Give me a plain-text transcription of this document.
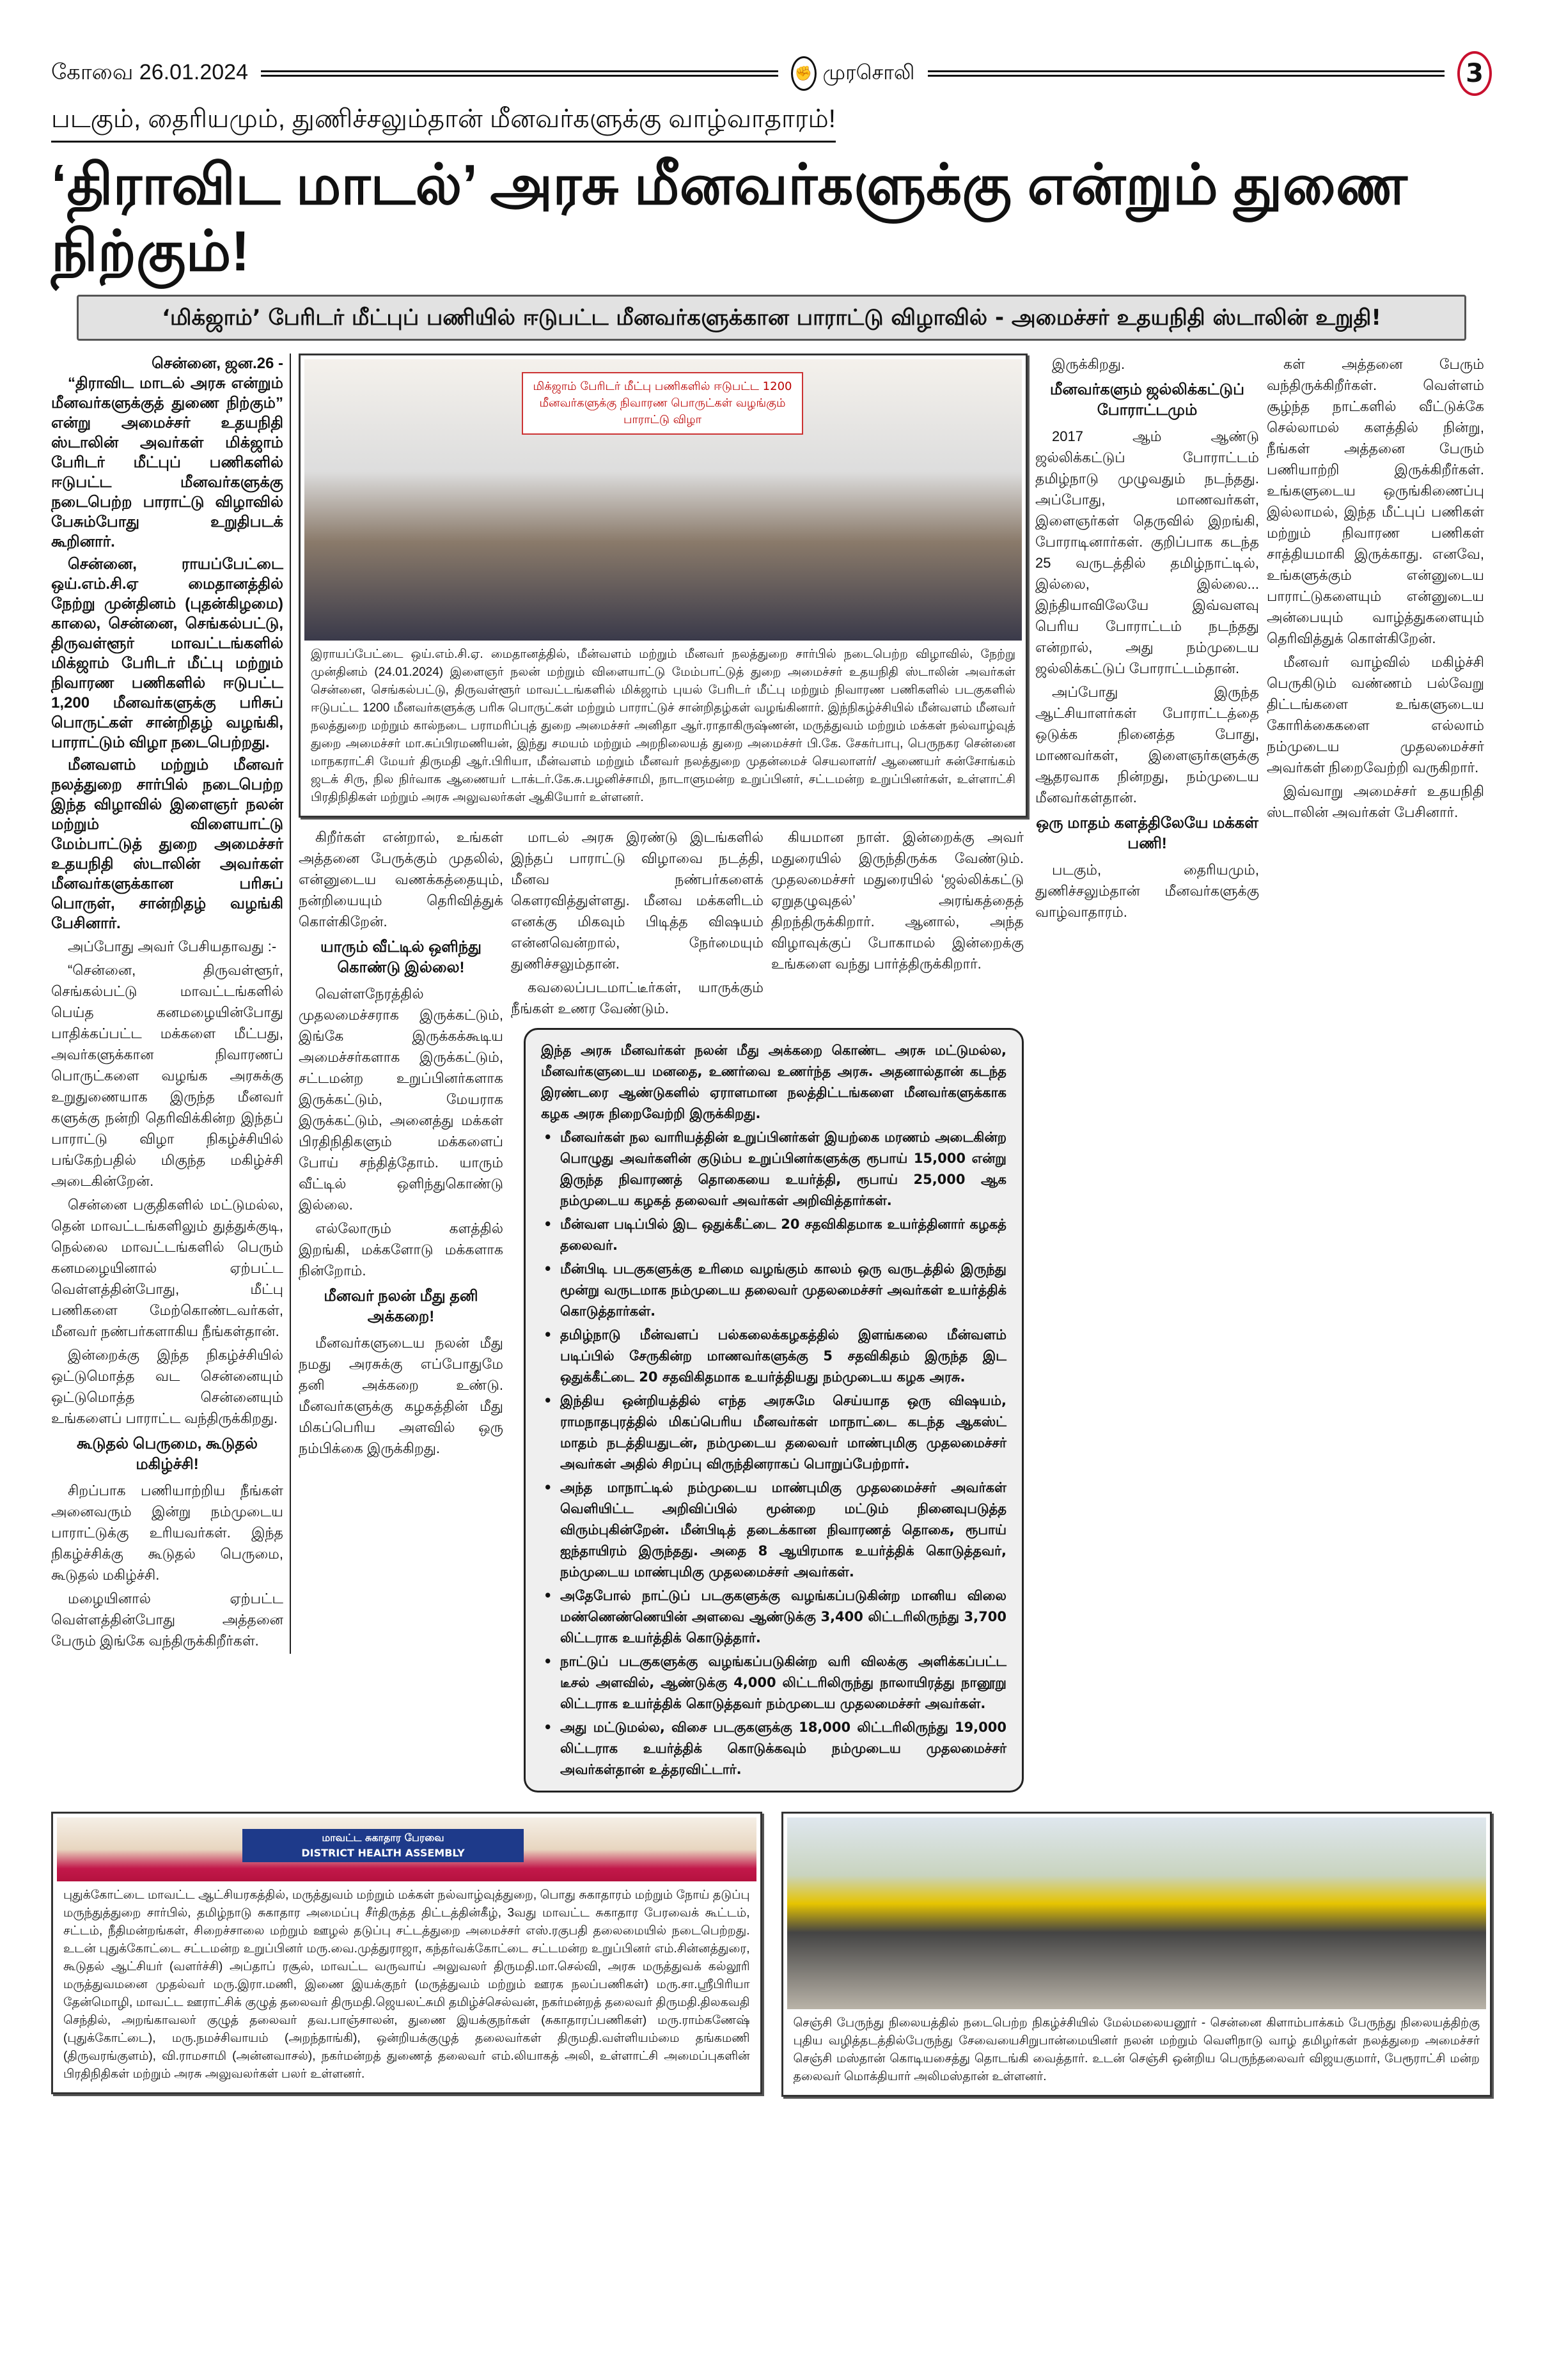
கோவை 26.01.2024	✊ முரசொலி	3
படகும், தைரியமும், துணிச்சலும்தான் மீனவர்களுக்கு வாழ்வாதாரம்!
‘திராவிட மாடல்’ அரசு மீனவர்களுக்கு என்றும் துணை நிற்கும்!
‘மிக்ஜாம்’ பேரிடர் மீட்புப் பணியில் ஈடுபட்ட மீனவர்களுக்கான பாராட்டு விழாவில் - அமைச்சர் உதயநிதி ஸ்டாலின் உறுதி!
சென்னை, ஜன.26 -

“திராவிட மாடல் அரசு என்றும் மீனவர்களுக்குத் துணை நிற்கும்” என்று அமைச்சர் உதயநிதி ஸ்டாலின் அவர்கள் மிக்ஜாம் பேரிடர் மீட்புப் பணிகளில் ஈடுபட்ட மீனவர்களுக்கு நடைபெற்ற பாராட்டு விழாவில் பேசும்போது உறுதிபடக் கூறினார்.

சென்னை, ராயப்பேட்டை ஒய்.எம்.சி.ஏ மைதானத்தில் நேற்று முன்தினம் (புதன்கிழமை) காலை, சென்னை, செங்கல்பட்டு, திருவள்ளூர் மாவட்டங்களில் மிக்ஜாம் பேரிடர் மீட்பு மற்றும் நிவாரண பணிகளில் ஈடுபட்ட 1,200 மீனவர்களுக்கு பரிசுப் பொருட்கள் சான்றிதழ் வழங்கி, பாராட்டும் விழா நடைபெற்றது.

மீனவளம் மற்றும் மீனவர் நலத்துறை சார்பில் நடைபெற்ற இந்த விழாவில் இளைஞர் நலன் மற்றும் விளையாட்டு மேம்பாட்டுத் துறை அமைச்சர் உதயநிதி ஸ்டாலின் அவர்கள் மீனவர்களுக்கான பரிசுப் பொருள், சான்றிதழ் வழங்கி பேசினார்.

அப்போது அவர் பேசியதாவது :-

“சென்னை, திருவள்ளூர், செங்கல்பட்டு மாவட்டங்களில் பெய்த கனமழையின்போது பாதிக்கப்பட்ட மக்களை மீட்பது, அவர்களுக்கான நிவாரணப் பொருட்களை வழங்க அரசுக்கு உறுதுணையாக இருந்த மீனவர் களுக்கு நன்றி தெரிவிக்கின்ற இந்தப் பாராட்டு விழா நிகழ்ச்சியில் பங்கேற்பதில் மிகுந்த மகிழ்ச்சி அடைகின்றேன்.

சென்னை பகுதிகளில் மட்டுமல்ல, தென் மாவட்டங்களிலும் துத்துக்குடி, நெல்லை மாவட்டங்களில் பெரும் கனமழையினால் ஏற்பட்ட வெள்ளத்தின்போது, மீட்பு பணிகளை மேற்கொண்டவர்கள், மீனவர் நண்பர்களாகிய நீங்கள்தான்.

இன்றைக்கு இந்த நிகழ்ச்சியில் ஒட்டுமொத்த வட சென்னையும் ஒட்டுமொத்த சென்னையும் உங்களைப் பாராட்ட வந்திருக்கிறது.

கூடுதல் பெருமை, கூடுதல் மகிழ்ச்சி!

சிறப்பாக பணியாற்றிய நீங்கள் அனைவரும் இன்று நம்முடைய பாராட்டுக்கு உரியவர்கள். இந்த நிகழ்ச்சிக்கு கூடுதல் பெருமை, கூடுதல் மகிழ்ச்சி.

மழையினால் ஏற்பட்ட வெள்ளத்தின்போது அத்தனை பேரும் இங்கே வந்திருக்கிறீர்கள்.

மிக்ஜாம் பேரிடர் மீட்பு பணிகளில் ஈடுபட்ட 1200 மீனவர்களுக்கு நிவாரண பொருட்கள் வழங்கும் பாராட்டு விழா
இராயப்பேட்டை ஒய்.எம்.சி.ஏ. மைதானத்தில், மீன்வளம் மற்றும் மீனவர் நலத்துறை சார்பில் நடைபெற்ற விழாவில், நேற்று முன்தினம் (24.01.2024) இளைஞர் நலன் மற்றும் விளையாட்டு மேம்பாட்டுத் துறை அமைச்சர் உதயநிதி ஸ்டாலின் அவர்கள் சென்னை, செங்கல்பட்டு, திருவள்ளூர் மாவட்டங்களில் மிக்ஜாம் புயல் பேரிடர் மீட்பு மற்றும் நிவாரண பணிகளில் படகுகளில் ஈடுபட்ட 1200 மீனவர்களுக்கு பரிசு பொருட்கள் மற்றும் பாராட்டுச் சான்றிதழ்கள் வழங்கினார். இந்நிகழ்ச்சியில் மீன்வளம் மீனவர் நலத்துறை மற்றும் கால்நடை பராமரிப்புத் துறை அமைச்சர் அனிதா ஆர்.ராதாகிருஷ்ணன், மருத்துவம் மற்றும் மக்கள் நல்வாழ்வுத் துறை அமைச்சர் மா.சுப்பிரமணியன், இந்து சமயம் மற்றும் அறநிலையத் துறை அமைச்சர் பி.கே. சேகர்பாபு, பெருநகர சென்னை மாநகராட்சி மேயர் திருமதி ஆர்.பிரியா, மீன்வளம் மற்றும் மீனவர் நலத்துறை முதன்மைச் செயலாளர்/ ஆணையர் சுன்சோங்கம் ஜடக் சிரு, நில நிர்வாக ஆணையர் டாக்டர்.கே.சு.பழனிச்சாமி, நாடாளுமன்ற உறுப்பினர், சட்டமன்ற உறுப்பினர்கள், உள்ளாட்சி பிரதிநிதிகள் மற்றும் அரசு அலுவலர்கள் ஆகியோர் உள்ளனர்.

கிறீர்கள் என்றால், உங்கள் அத்தனை பேருக்கும் முதலில், என்னுடைய வணக்கத்தையும், நன்றியையும் தெரிவித்துக் கொள்கிறேன்.

யாரும் வீட்டில் ஒளிந்து கொண்டு இல்லை!

வெள்ளநேரத்தில் முதலமைச்சராக இருக்கட்டும், இங்கே இருக்கக்கூடிய அமைச்சர்களாக இருக்கட்டும், சட்டமன்ற உறுப்பினர்களாக இருக்கட்டும், மேயராக இருக்கட்டும், அனைத்து மக்கள் பிரதிநிதிகளும் மக்களைப் போய் சந்தித்தோம். யாரும் வீட்டில் ஒளிந்துகொண்டு இல்லை.

எல்லோரும் களத்தில் இறங்கி, மக்களோடு மக்களாக நின்றோம்.

மீனவர் நலன் மீது தனி அக்கறை!

மீனவர்களுடைய நலன் மீது நமது அரசுக்கு எப்போதுமே தனி அக்கறை உண்டு. மீனவர்களுக்கு கழகத்தின் மீது மிகப்பெரிய அளவில் ஒரு நம்பிக்கை இருக்கிறது.

மாடல் அரசு இரண்டு இடங்களில் இந்தப் பாராட்டு விழாவை நடத்தி, மீனவ நண்பர்களைக் கௌரவித்துள்ளது. மீனவ மக்களிடம் எனக்கு மிகவும் பிடித்த விஷயம் என்னவென்றால், நேர்மையும் துணிச்சலும்தான்.

கவலைப்படமாட்டீர்கள், யாருக்கும் நீங்கள் உணர வேண்டும்.

கியமான நாள். இன்றைக்கு அவர் மதுரையில் இருந்திருக்க வேண்டும். முதலமைச்சர் மதுரையில் ‘ஜல்லிக்கட்டு ஏறுதழுவுதல்’ அரங்கத்தைத் திறந்திருக்கிறார். ஆனால், அந்த விழாவுக்குப் போகாமல் இன்றைக்கு உங்களை வந்து பார்த்திருக்கிறார்.

இந்த அரசு மீனவர்கள் நலன் மீது அக்கறை கொண்ட அரசு மட்டுமல்ல, மீனவர்களுடைய மனதை, உணர்வை உணர்ந்த அரசு. அதனால்தான் கடந்த இரண்டரை ஆண்டுகளில் ஏராளமான நலத்திட்டங்களை மீனவர்களுக்காக கழக அரசு நிறைவேற்றி இருக்கிறது.

• மீனவர்கள் நல வாரியத்தின் உறுப்பினர்கள் இயற்கை மரணம் அடைகின்ற பொழுது அவர்களின் குடும்ப உறுப்பினர்களுக்கு ரூபாய் 15,000 என்று இருந்த நிவாரணத் தொகையை உயர்த்தி, ரூபாய் 25,000 ஆக நம்முடைய கழகத் தலைவர் அவர்கள் அறிவித்தார்கள்.
• மீன்வள படிப்பில் இட ஒதுக்கீட்டை 20 சதவிகிதமாக உயர்த்தினார் கழகத் தலைவர்.
• மீன்பிடி படகுகளுக்கு உரிமை வழங்கும் காலம் ஒரு வருடத்தில் இருந்து மூன்று வருடமாக நம்முடைய தலைவர் முதலமைச்சர் அவர்கள் உயர்த்திக் கொடுத்தார்கள்.
• தமிழ்நாடு மீன்வளப் பல்கலைக்கழகத்தில் இளங்கலை மீன்வளம் படிப்பில் சேருகின்ற மாணவர்களுக்கு 5 சதவிகிதம் இருந்த இட ஒதுக்கீட்டை 20 சதவிகிதமாக உயர்த்தியது நம்முடைய கழக அரசு.
• இந்திய ஒன்றியத்தில் எந்த அரசுமே செய்யாத ஒரு விஷயம், ராமநாதபுரத்தில் மிகப்பெரிய மீனவர்கள் மாநாட்டை கடந்த ஆகஸ்ட் மாதம் நடத்தியதுடன், நம்முடைய தலைவர் மாண்புமிகு முதலமைச்சர் அவர்கள் அதில் சிறப்பு விருந்தினராகப் பொறுப்பேற்றார்.
• அந்த மாநாட்டில் நம்முடைய மாண்புமிகு முதலமைச்சர் அவர்கள் வெளியிட்ட அறிவிப்பில் மூன்றை மட்டும் நினைவுபடுத்த விரும்புகின்றேன். மீன்பிடித் தடைக்கான நிவாரணத் தொகை, ரூபாய் ஐந்தாயிரம் இருந்தது. அதை 8 ஆயிரமாக உயர்த்திக் கொடுத்தவர், நம்முடைய மாண்புமிகு முதலமைச்சர் அவர்கள்.
• அதேபோல் நாட்டுப் படகுகளுக்கு வழங்கப்படுகின்ற மானிய விலை மண்ணெண்ணெயின் அளவை ஆண்டுக்கு 3,400 லிட்டரிலிருந்து 3,700 லிட்டராக உயர்த்திக் கொடுத்தார்.
• நாட்டுப் படகுகளுக்கு வழங்கப்படுகின்ற வரி விலக்கு அளிக்கப்பட்ட டீசல் அளவில், ஆண்டுக்கு 4,000 லிட்டரிலிருந்து நாலாயிரத்து நானூறு லிட்டராக உயர்த்திக் கொடுத்தவர் நம்முடைய முதலமைச்சர் அவர்கள்.
• அது மட்டுமல்ல, விசை படகுகளுக்கு 18,000 லிட்டரிலிருந்து 19,000 லிட்டராக உயர்த்திக் கொடுக்கவும் நம்முடைய முதலமைச்சர் அவர்கள்தான் உத்தரவிட்டார்.

இருக்கிறது.

மீனவர்களும் ஜல்லிக்கட்டுப் போராட்டமும்

2017 ஆம் ஆண்டு ஜல்லிக்கட்டுப் போராட்டம் தமிழ்நாடு முழுவதும் நடந்தது. அப்போது, மாணவர்கள், இளைஞர்கள் தெருவில் இறங்கி, போராடினார்கள். குறிப்பாக கடந்த 25 வருடத்தில் தமிழ்நாட்டில், இல்லை, இல்லை... இந்தியாவிலேயே இவ்வளவு பெரிய போராட்டம் நடந்தது என்றால், அது நம்முடைய ஜல்லிக்கட்டுப் போராட்டம்தான்.

அப்போது இருந்த ஆட்சியாளர்கள் போராட்டத்தை ஒடுக்க நினைத்த போது, மாணவர்கள், இளைஞர்களுக்கு ஆதரவாக நின்றது, நம்முடைய மீனவர்கள்தான்.

ஒரு மாதம் களத்திலேயே மக்கள் பணி!

படகும், தைரியமும், துணிச்சலும்தான் மீனவர்களுக்கு வாழ்வாதாரம்.

கள் அத்தனை பேரும் வந்திருக்கிறீர்கள். வெள்ளம் சூழ்ந்த நாட்களில் வீட்டுக்கே செல்லாமல் களத்தில் நின்று, நீங்கள் அத்தனை பேரும் பணியாற்றி இருக்கிறீர்கள். உங்களுடைய ஒருங்கிணைப்பு இல்லாமல், இந்த மீட்புப் பணிகள் மற்றும் நிவாரண பணிகள் சாத்தியமாகி இருக்காது. எனவே, உங்களுக்கும் என்னுடைய பாராட்டுகளையும் என்னுடைய அன்பையும் வாழ்த்துகளையும் தெரிவித்துக் கொள்கிறேன்.

மீனவர் வாழ்வில் மகிழ்ச்சி பெருகிடும் வண்ணம் பல்வேறு திட்டங்களை உங்களுடைய கோரிக்கைகளை எல்லாம் நம்முடைய முதலமைச்சர் அவர்கள் நிறைவேற்றி வருகிறார்.

இவ்வாறு அமைச்சர் உதயநிதி ஸ்டாலின் அவர்கள் பேசினார்.

மாவட்ட சுகாதார பேரவை
DISTRICT HEALTH ASSEMBLY
புதுக்கோட்டை மாவட்ட ஆட்சியரகத்தில், மருத்துவம் மற்றும் மக்கள் நல்வாழ்வுத்துறை, பொது சுகாதாரம் மற்றும் நோய் தடுப்பு மருந்துத்துறை சார்பில், தமிழ்நாடு சுகாதார அமைப்பு சீர்திருத்த திட்டத்தின்கீழ், 3வது மாவட்ட சுகாதார பேரவைக் கூட்டம், சட்டம், நீதிமன்றங்கள், சிறைச்சாலை மற்றும் ஊழல் தடுப்பு சட்டத்துறை அமைச்சர் எஸ்.ரகுபதி தலைமையில் நடைபெற்றது. உடன் புதுக்கோட்டை சட்டமன்ற உறுப்பினர் மரு.வை.முத்துராஜா, கந்தர்வக்கோட்டை சட்டமன்ற உறுப்பினர் எம்.சின்னத்துரை, கூடுதல் ஆட்சியர் (வளர்ச்சி) அப்தாப் ரசூல், மாவட்ட வருவாய் அலுவலர் திருமதி.மா.செல்வி, அரசு மருத்துவக் கல்லூரி மருத்துவமனை முதல்வர் மரு.இரா.மணி, இணை இயக்குநர் (மருத்துவம் மற்றும் ஊரக நலப்பணிகள்) மரு.சா.ஸ்ரீபிரியா தேன்மொழி, மாவட்ட ஊராட்சிக் குழுத் தலைவர் திருமதி.ஜெயலட்சுமி தமிழ்ச்செல்வன், நகர்மன்றத் தலைவர் திருமதி.திலகவதி செந்தில், அறங்காவலர் குழுத் தலைவர் தவ.பாஞ்சாலன், துணை இயக்குநர்கள் (சுகாதாரப்பணிகள்) மரு.ராம்கணேஷ் (புதுக்கோட்டை), மரு.நமச்சிவாயம் (அறந்தாங்கி), ஒன்றியக்குழுத் தலைவர்கள் திருமதி.வள்ளியம்மை தங்கமணி (திருவரங்குளம்), வி.ராமசாமி (அன்னவாசல்), நகர்மன்றத் துணைத் தலைவர் எம்.லியாகத் அலி, உள்ளாட்சி அமைப்புகளின் பிரதிநிதிகள் மற்றும் அரசு அலுவலர்கள் பலர் உள்ளனர்.
செஞ்சி பேருந்து நிலையத்தில் நடைபெற்ற நிகழ்ச்சியில் மேல்மலையனூர் - சென்னை கிளாம்பாக்கம் பேருந்து நிலையத்திற்கு புதிய வழித்தடத்தில்பேருந்து சேவையைசிறுபான்மையினர் நலன் மற்றும் வெளிநாடு வாழ் தமிழர்கள் நலத்துறை அமைச்சர் செஞ்சி மஸ்தான் கொடியசைத்து தொடங்கி வைத்தார். உடன் செஞ்சி ஒன்றிய பெருந்தலைவர் விஜயகுமார், பேரூராட்சி மன்ற தலைவர் மொக்தியார் அலிமஸ்தான் உள்ளனர்.
